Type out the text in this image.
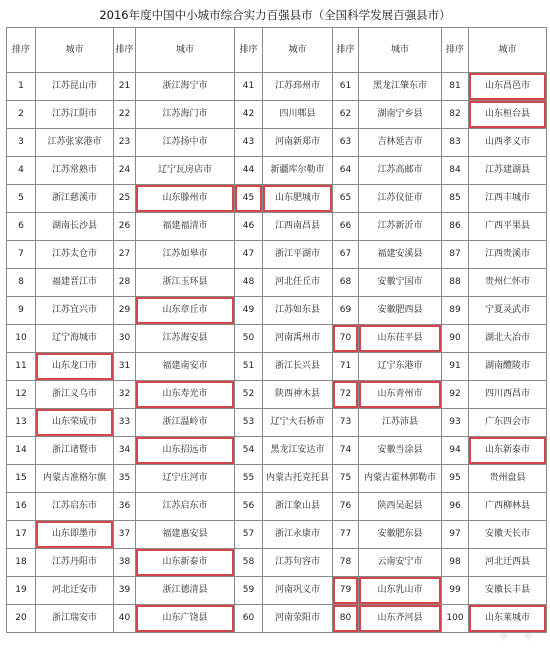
2016年度中国中小城市综合实力百强县市（全国科学发展百强县市）
排序	城市	排序	城市	排序	城市	排序	城市	排序	城市
1	江苏昆山市	21	浙江海宁市	41	江苏邳州市	61	黑龙江肇东市	81	山东昌邑市
2	江苏江阴市	22	江苏海门市	42	四川郫县	62	湖南宁乡县	82	山东桓台县
3	江苏张家港市	23	江苏扬中市	43	河南新郑市	63	吉林延吉市	83	山西孝义市
4	江苏常熟市	24	辽宁瓦房店市	44	新疆库尔勒市	64	江苏高邮市	84	江苏建湖县
5	浙江慈溪市	25	山东滕州市	45	山东肥城市	65	江苏仪征市	85	江西丰城市
6	湖南长沙县	26	福建福清市	46	江西南昌县	66	江苏新沂市	86	广西平果县
7	江苏太仓市	27	江苏如皋市	47	浙江平湖市	67	福建安溪县	87	江西贵溪市
8	福建晋江市	28	浙江玉环县	48	河北任丘市	68	安徽宁国市	88	贵州仁怀市
9	江苏宜兴市	29	山东章丘市	49	江苏如东县	69	安徽肥西县	89	宁夏灵武市
10	辽宁海城市	30	江苏海安县	50	河南禹州市	70	山东茌平县	90	湖北大冶市
11	山东龙口市	31	福建南安市	51	浙江长兴县	71	辽宁东港市	91	湖南醴陵市
12	浙江义乌市	32	山东寿光市	52	陕西神木县	72	山东青州市	92	四川西昌市
13	山东荣成市	33	浙江温岭市	53	辽宁大石桥市	73	江苏沛县	93	广东四会市
14	浙江诸暨市	34	山东招远市	54	黑龙江安达市	74	安徽当涂县	94	山东新泰市
15	内蒙古准格尔旗	35	辽宁庄河市	55	内蒙古托克托县	75	内蒙古霍林郭勒市	95	贵州盘县
16	江苏启东市	36	江苏启东市	56	浙江象山县	76	陕西吴起县	96	广西柳林县
17	山东即墨市	37	福建惠安县	57	浙江永康市	77	安徽肥东县	97	安徽天长市
18	江苏丹阳市	38	山东新泰市	58	江苏句容市	78	云南安宁市	98	河北迁西县
19	河北迁安市	39	浙江德清县	59	河南巩义市	79	山东乳山市	99	安徽长丰县
20	浙江瑞安市	40	山东广饶县	60	河南荥阳市	80	山东齐河县	100	山东莱城市
✦ ✦
